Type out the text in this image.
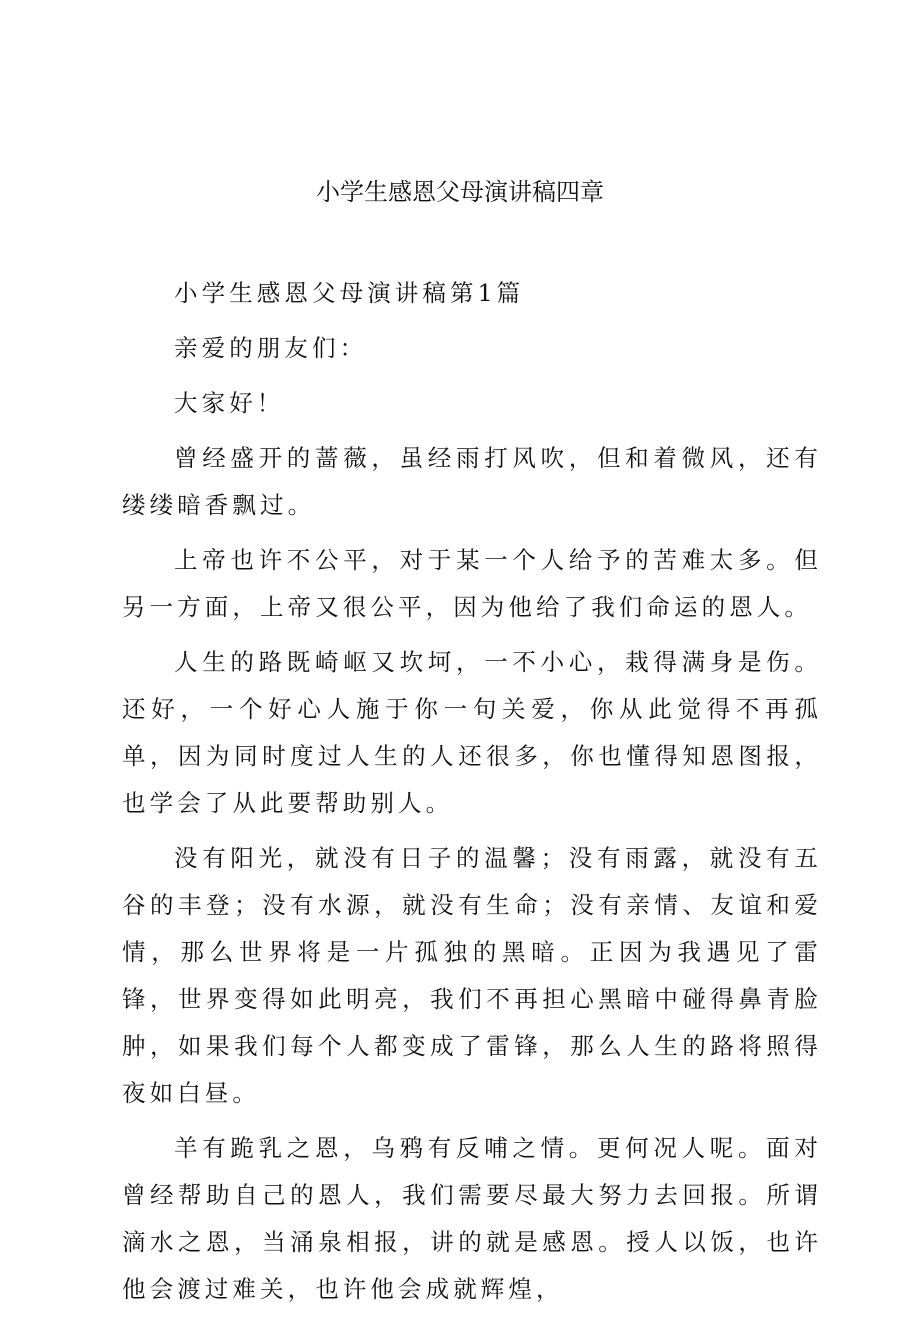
小学生感恩父母演讲稿四章

小学生感恩父母演讲稿第1篇

亲爱的朋友们：

大家好！

曾经盛开的蔷薇，虽经雨打风吹，但和着微风，还有缕缕暗香飘过。

上帝也许不公平，对于某一个人给予的苦难太多。但另一方面，上帝又很公平，因为他给了我们命运的恩人。

人生的路既崎岖又坎坷，一不小心，栽得满身是伤。还好，一个好心人施于你一句关爱，你从此觉得不再孤单，因为同时度过人生的人还很多，你也懂得知恩图报，也学会了从此要帮助别人。

没有阳光，就没有日子的温馨；没有雨露，就没有五谷的丰登；没有水源，就没有生命；没有亲情、友谊和爱情，那么世界将是一片孤独的黑暗。正因为我遇见了雷锋，世界变得如此明亮，我们不再担心黑暗中碰得鼻青脸肿，如果我们每个人都变成了雷锋，那么人生的路将照得夜如白昼。

羊有跪乳之恩，乌鸦有反哺之情。更何况人呢。面对曾经帮助自己的恩人，我们需要尽最大努力去回报。所谓滴水之恩，当涌泉相报，讲的就是感恩。授人以饭，也许他会渡过难关，也许他会成就辉煌，
